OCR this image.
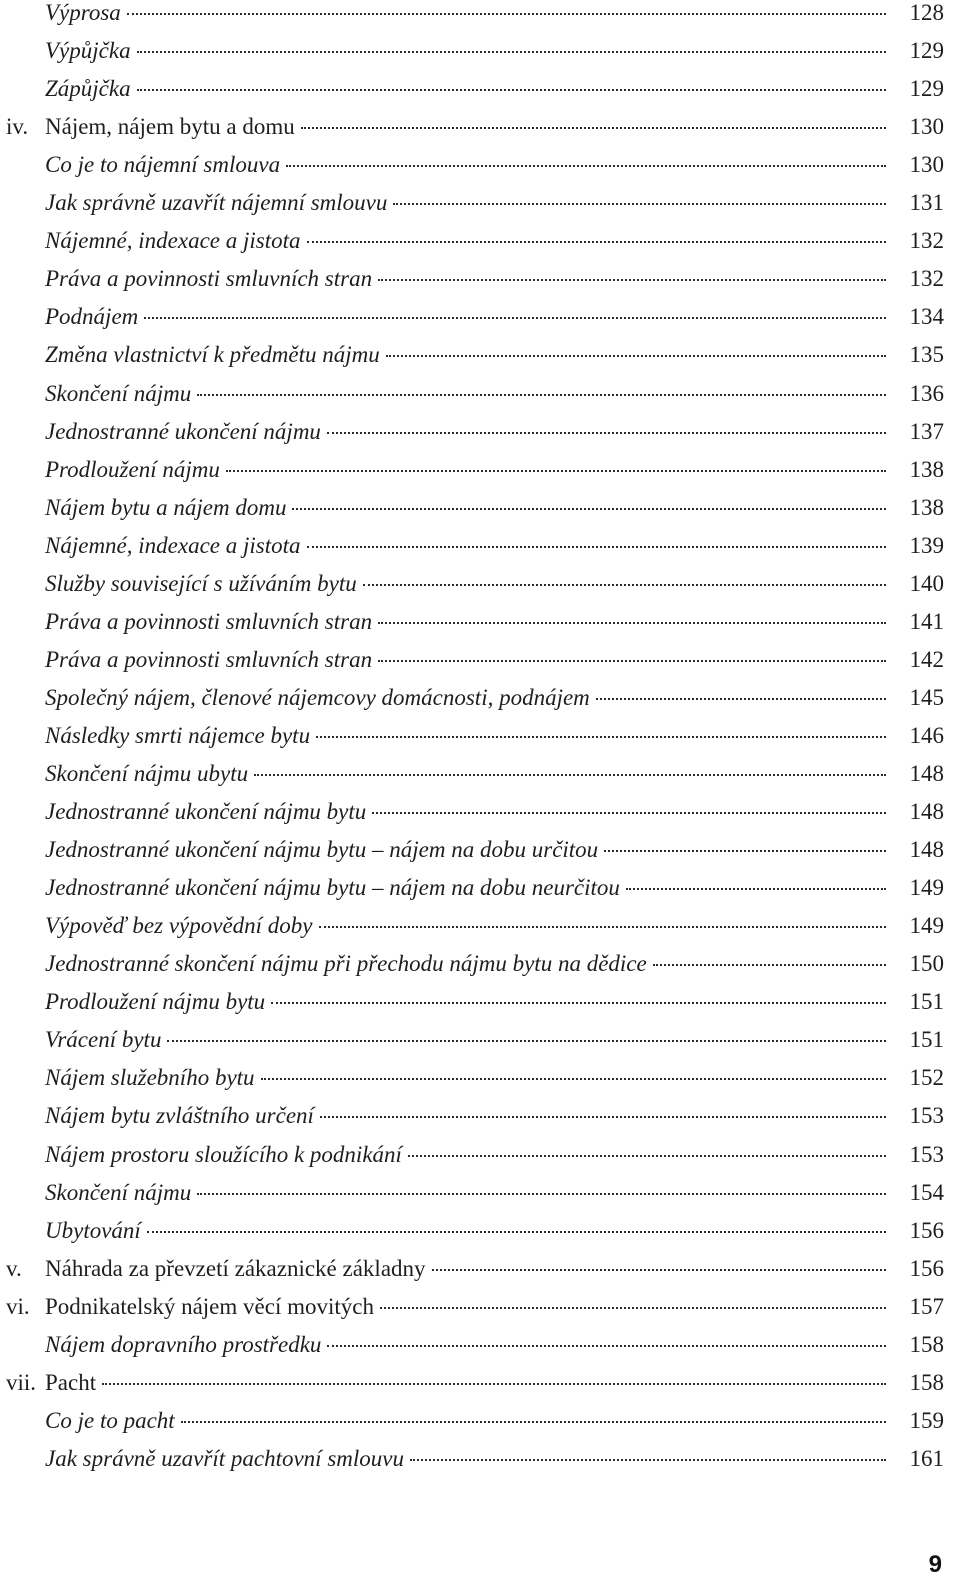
Výprosa	128
Výpůjčka	129
Zápůjčka	129
iv. Nájem, nájem bytu a domu	130
Co je to nájemní smlouva	130
Jak správně uzavřít nájemní smlouvu	131
Nájemné, indexace a jistota	132
Práva a povinnosti smluvních stran	132
Podnájem	134
Změna vlastnictví k předmětu nájmu	135
Skončení nájmu	136
Jednostranné ukončení nájmu	137
Prodloužení nájmu	138
Nájem bytu a nájem domu	138
Nájemné, indexace a jistota	139
Služby související s užíváním bytu	140
Práva a povinnosti smluvních stran	141
Práva a povinnosti smluvních stran	142
Společný nájem, členové nájemcovy domácnosti, podnájem	145
Následky smrti nájemce bytu	146
Skončení nájmu ubytu	148
Jednostranné ukončení nájmu bytu	148
Jednostranné ukončení nájmu bytu – nájem na dobu určitou	148
Jednostranné ukončení nájmu bytu – nájem na dobu neurčitou	149
Výpověď bez výpovědní doby	149
Jednostranné skončení nájmu při přechodu nájmu bytu na dědice	150
Prodloužení nájmu bytu	151
Vrácení bytu	151
Nájem služebního bytu	152
Nájem bytu zvláštního určení	153
Nájem prostoru sloužícího k podnikání	153
Skončení nájmu	154
Ubytování	156
v.	Náhrada za převzetí zákaznické základny	156
vi. Podnikatelský nájem věcí movitých	157
Nájem dopravního prostředku	158
vii. Pacht	158
Co je to pacht	159
Jak správně uzavřít pachtovní smlouvu	161
9
